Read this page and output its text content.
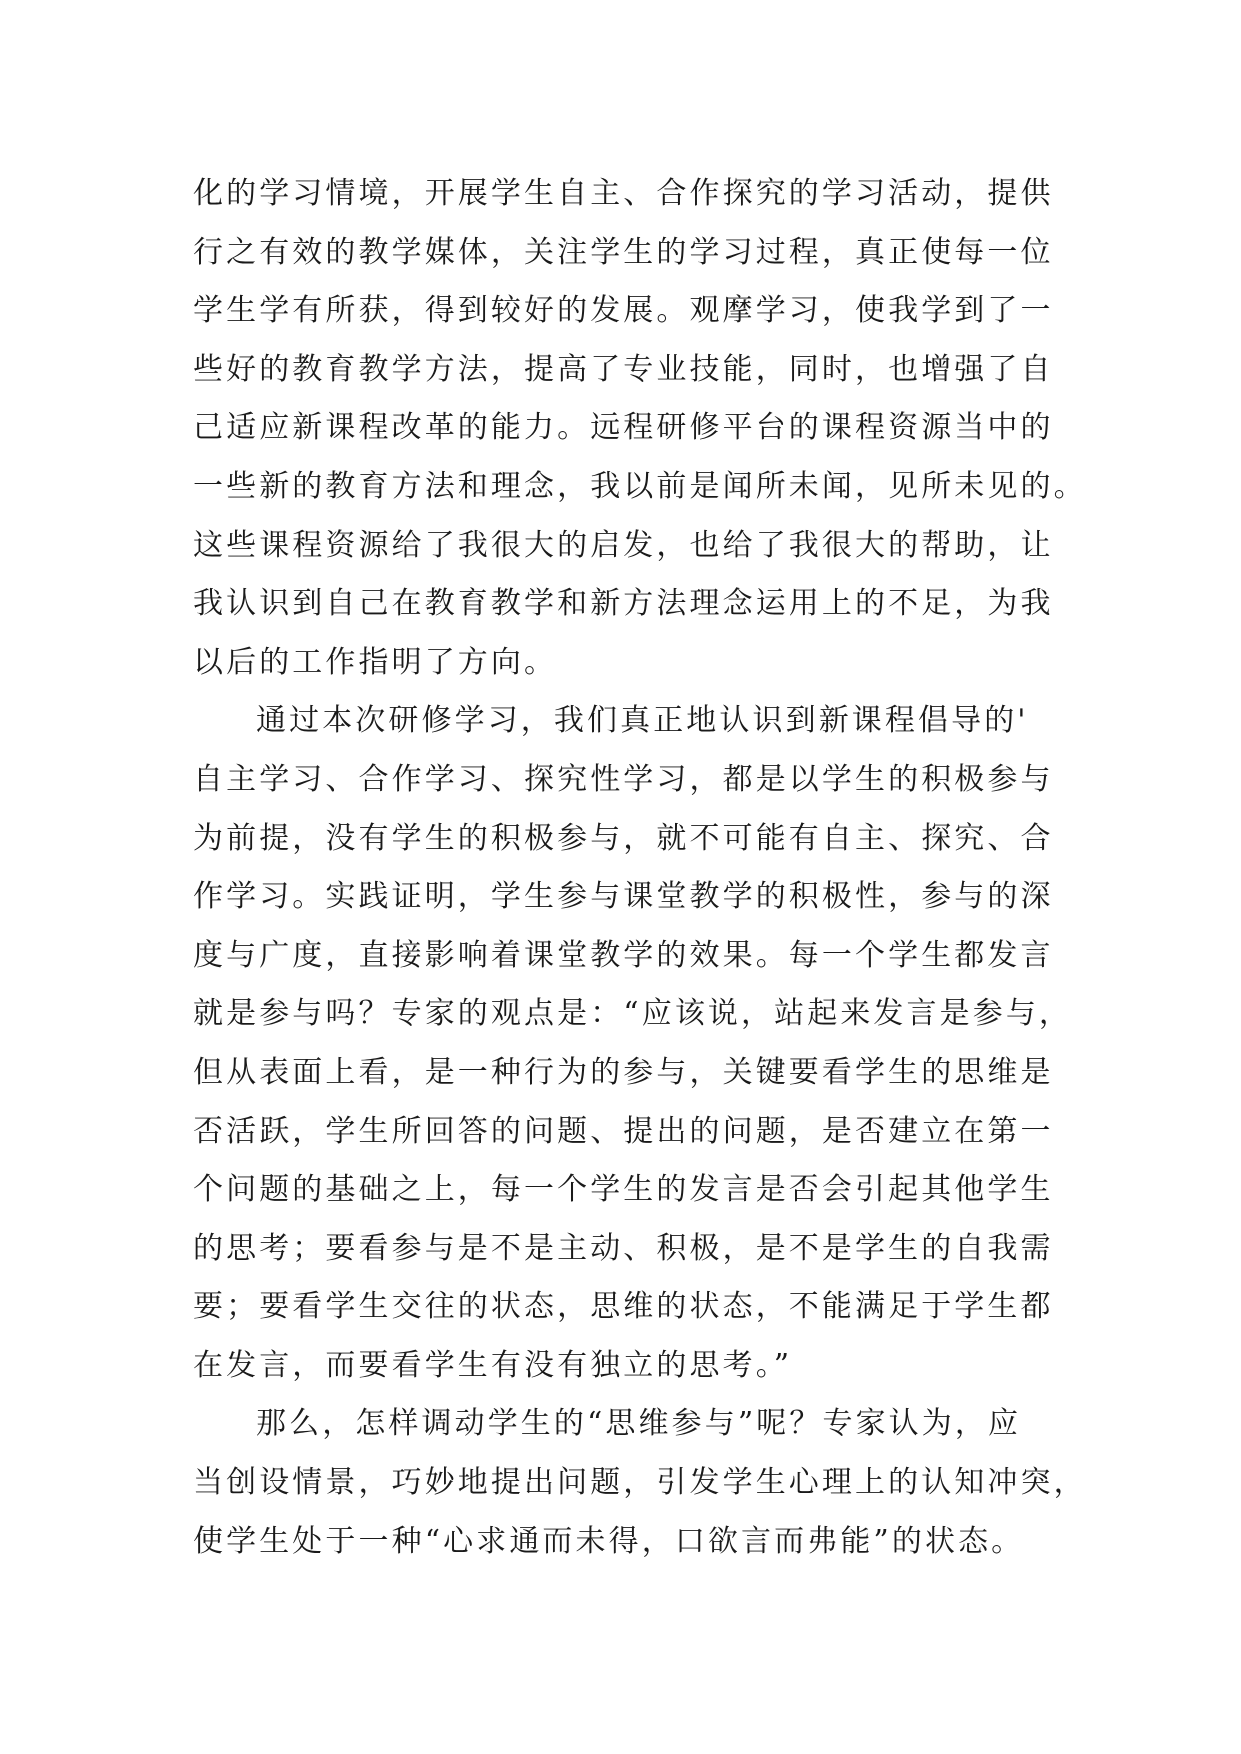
化的学习情境，开展学生自主、合作探究的学习活动，提供
行之有效的教学媒体，关注学生的学习过程，真正使每一位
学生学有所获，得到较好的发展。观摩学习，使我学到了一
些好的教育教学方法，提高了专业技能，同时，也增强了自
己适应新课程改革的能力。远程研修平台的课程资源当中的
一些新的教育方法和理念，我以前是闻所未闻，见所未见的。
这些课程资源给了我很大的启发，也给了我很大的帮助，让
我认识到自己在教育教学和新方法理念运用上的不足，为我
以后的工作指明了方向。
通过本次研修学习，我们真正地认识到新课程倡导的'
自主学习、合作学习、探究性学习，都是以学生的积极参与
为前提，没有学生的积极参与，就不可能有自主、探究、合
作学习。实践证明，学生参与课堂教学的积极性，参与的深
度与广度，直接影响着课堂教学的效果。每一个学生都发言
就是参与吗？专家的观点是：“应该说，站起来发言是参与，
但从表面上看，是一种行为的参与，关键要看学生的思维是
否活跃，学生所回答的问题、提出的问题，是否建立在第一
个问题的基础之上，每一个学生的发言是否会引起其他学生
的思考；要看参与是不是主动、积极，是不是学生的自我需
要；要看学生交往的状态，思维的状态，不能满足于学生都
在发言，而要看学生有没有独立的思考。”
那么，怎样调动学生的“思维参与”呢？专家认为，应
当创设情景，巧妙地提出问题，引发学生心理上的认知冲突，
使学生处于一种“心求通而未得，口欲言而弗能”的状态。
